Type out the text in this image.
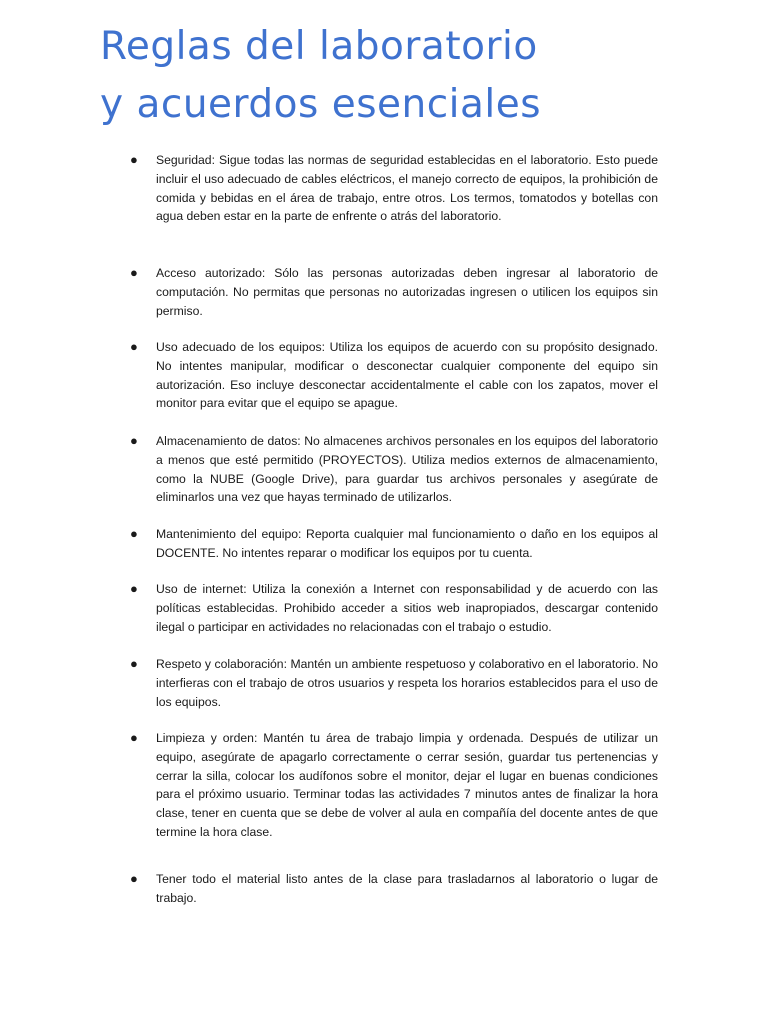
Reglas del laboratorio
y acuerdos esenciales
● Seguridad: Sigue todas las normas de seguridad establecidas en el laboratorio. Esto puede incluir el uso adecuado de cables eléctricos, el manejo correcto de equipos, la prohibición de comida y bebidas en el área de trabajo, entre otros. Los termos, tomatodos y botellas con agua deben estar en la parte de enfrente o atrás del laboratorio.
● Acceso autorizado: Sólo las personas autorizadas deben ingresar al laboratorio de computación. No permitas que personas no autorizadas ingresen o utilicen los equipos sin permiso.
● Uso adecuado de los equipos: Utiliza los equipos de acuerdo con su propósito designado. No intentes manipular, modificar o desconectar cualquier componente del equipo sin autorización. Eso incluye desconectar accidentalmente el cable con los zapatos, mover el monitor para evitar que el equipo se apague.
● Almacenamiento de datos: No almacenes archivos personales en los equipos del laboratorio a menos que esté permitido (PROYECTOS). Utiliza medios externos de almacenamiento, como la NUBE (Google Drive), para guardar tus archivos personales y asegúrate de eliminarlos una vez que hayas terminado de utilizarlos.
● Mantenimiento del equipo: Reporta cualquier mal funcionamiento o daño en los equipos al DOCENTE. No intentes reparar o modificar los equipos por tu cuenta.
● Uso de internet: Utiliza la conexión a Internet con responsabilidad y de acuerdo con las políticas establecidas. Prohibido acceder a sitios web inapropiados, descargar contenido ilegal o participar en actividades no relacionadas con el trabajo o estudio.
● Respeto y colaboración: Mantén un ambiente respetuoso y colaborativo en el laboratorio. No interfieras con el trabajo de otros usuarios y respeta los horarios establecidos para el uso de los equipos.
● Limpieza y orden: Mantén tu área de trabajo limpia y ordenada. Después de utilizar un equipo, asegúrate de apagarlo correctamente o cerrar sesión, guardar tus pertenencias y cerrar la silla, colocar los audífonos sobre el monitor, dejar el lugar en buenas condiciones para el próximo usuario. Terminar todas las actividades 7 minutos antes de finalizar la hora clase, tener en cuenta que se debe de volver al aula en compañía del docente antes de que termine la hora clase.
● Tener todo el material listo antes de la clase para trasladarnos al laboratorio o lugar de trabajo.
